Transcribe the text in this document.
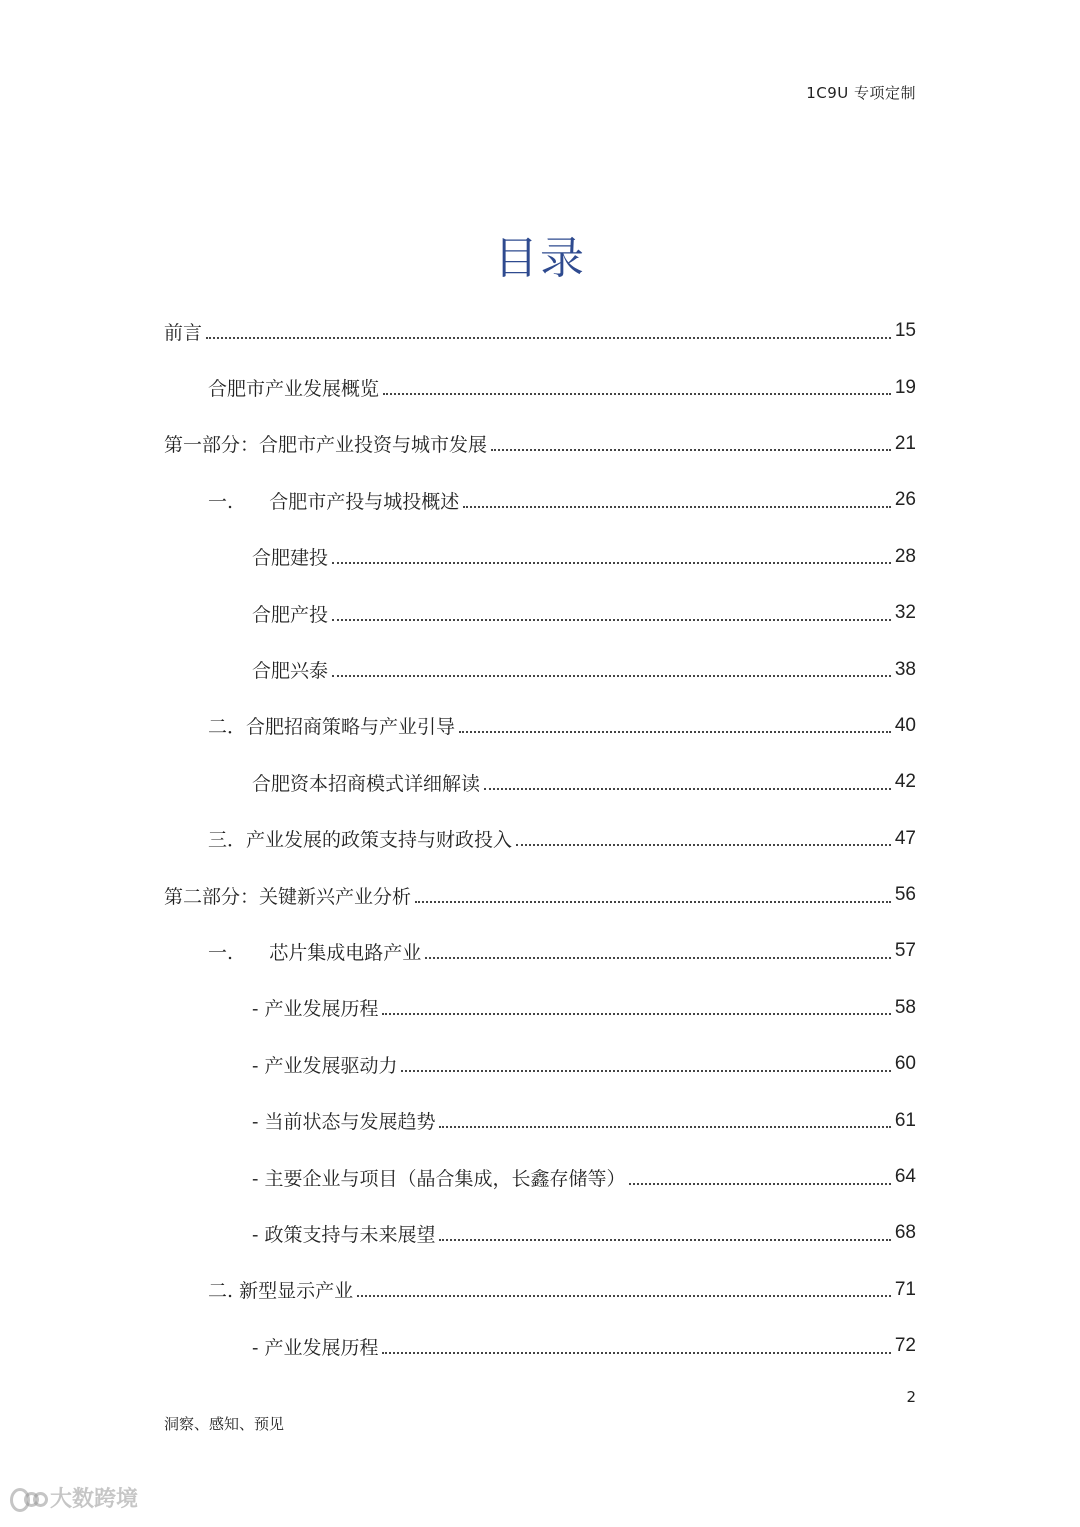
1C9U 专项定制
目录
前言	15
合肥市产业发展概览	19
第一部分：合肥市产业投资与城市发展	21
一.      合肥市产投与城投概述	26
合肥建投	28
合肥产投	32
合肥兴泰	38
二．合肥招商策略与产业引导	40
合肥资本招商模式详细解读	42
三．产业发展的政策支持与财政投入	47
第二部分：关键新兴产业分析	56
一.      芯片集成电路产业	57
- 产业发展历程	58
- 产业发展驱动力	60
- 当前状态与发展趋势	61
- 主要企业与项目（晶合集成，长鑫存储等）	64
- 政策支持与未来展望	68
二. 新型显示产业	71
- 产业发展历程	72
2
洞察、感知、预见
大数跨境
